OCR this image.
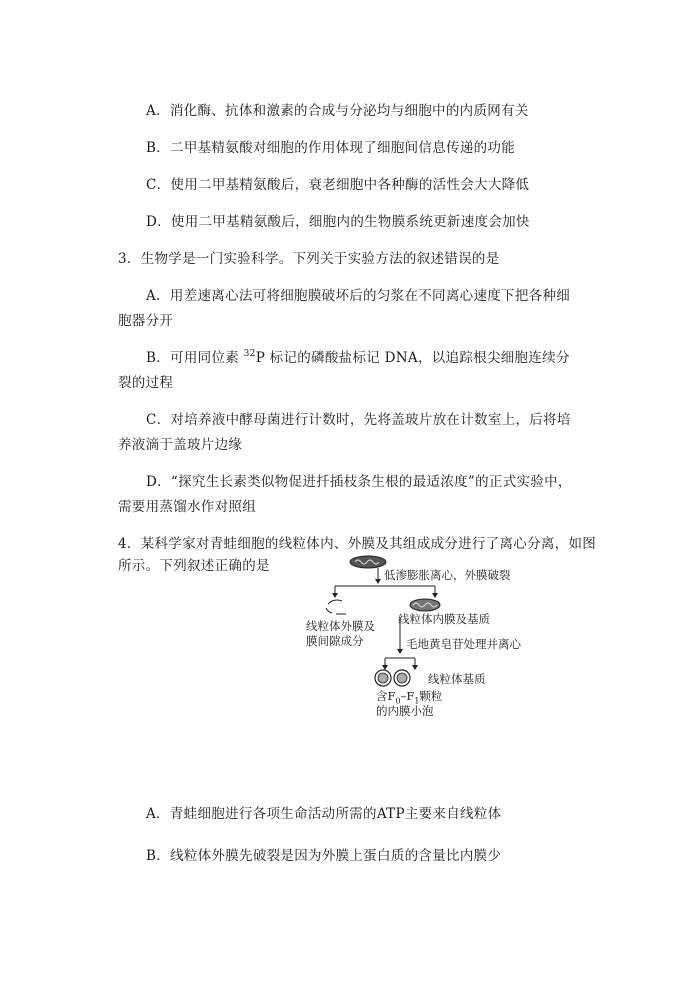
A．消化酶、抗体和激素的合成与分泌均与细胞中的内质网有关
B．二甲基精氨酸对细胞的作用体现了细胞间信息传递的功能
C．使用二甲基精氨酸后，衰老细胞中各种酶的活性会大大降低
D．使用二甲基精氨酸后，细胞内的生物膜系统更新速度会加快
3．生物学是一门实验科学。下列关于实验方法的叙述错误的是
A．用差速离心法可将细胞膜破坏后的匀浆在不同离心速度下把各种细
胞器分开
B．可用同位素 $^{32}$P 标记的磷酸盐标记 DNA，以追踪根尖细胞连续分
裂的过程
C．对培养液中酵母菌进行计数时，先将盖玻片放在计数室上，后将培
养液滴于盖玻片边缘
D．“探究生长素类似物促进扦插枝条生根的最适浓度”的正式实验中，
需要用蒸馏水作对照组
4．某科学家对青蛙细胞的线粒体内、外膜及其组成成分进行了离心分离，如图
所示。下列叙述正确的是
低渗膨胀离心，外膜破裂
线粒体外膜及
膜间隙成分
线粒体内膜及基质
毛地黄皂苷处理并离心
线粒体基质
含$F_0-F_1$颗粒
的内膜小泡
A．青蛙细胞进行各项生命活动所需的ATP主要来自线粒体
B．线粒体外膜先破裂是因为外膜上蛋白质的含量比内膜少
